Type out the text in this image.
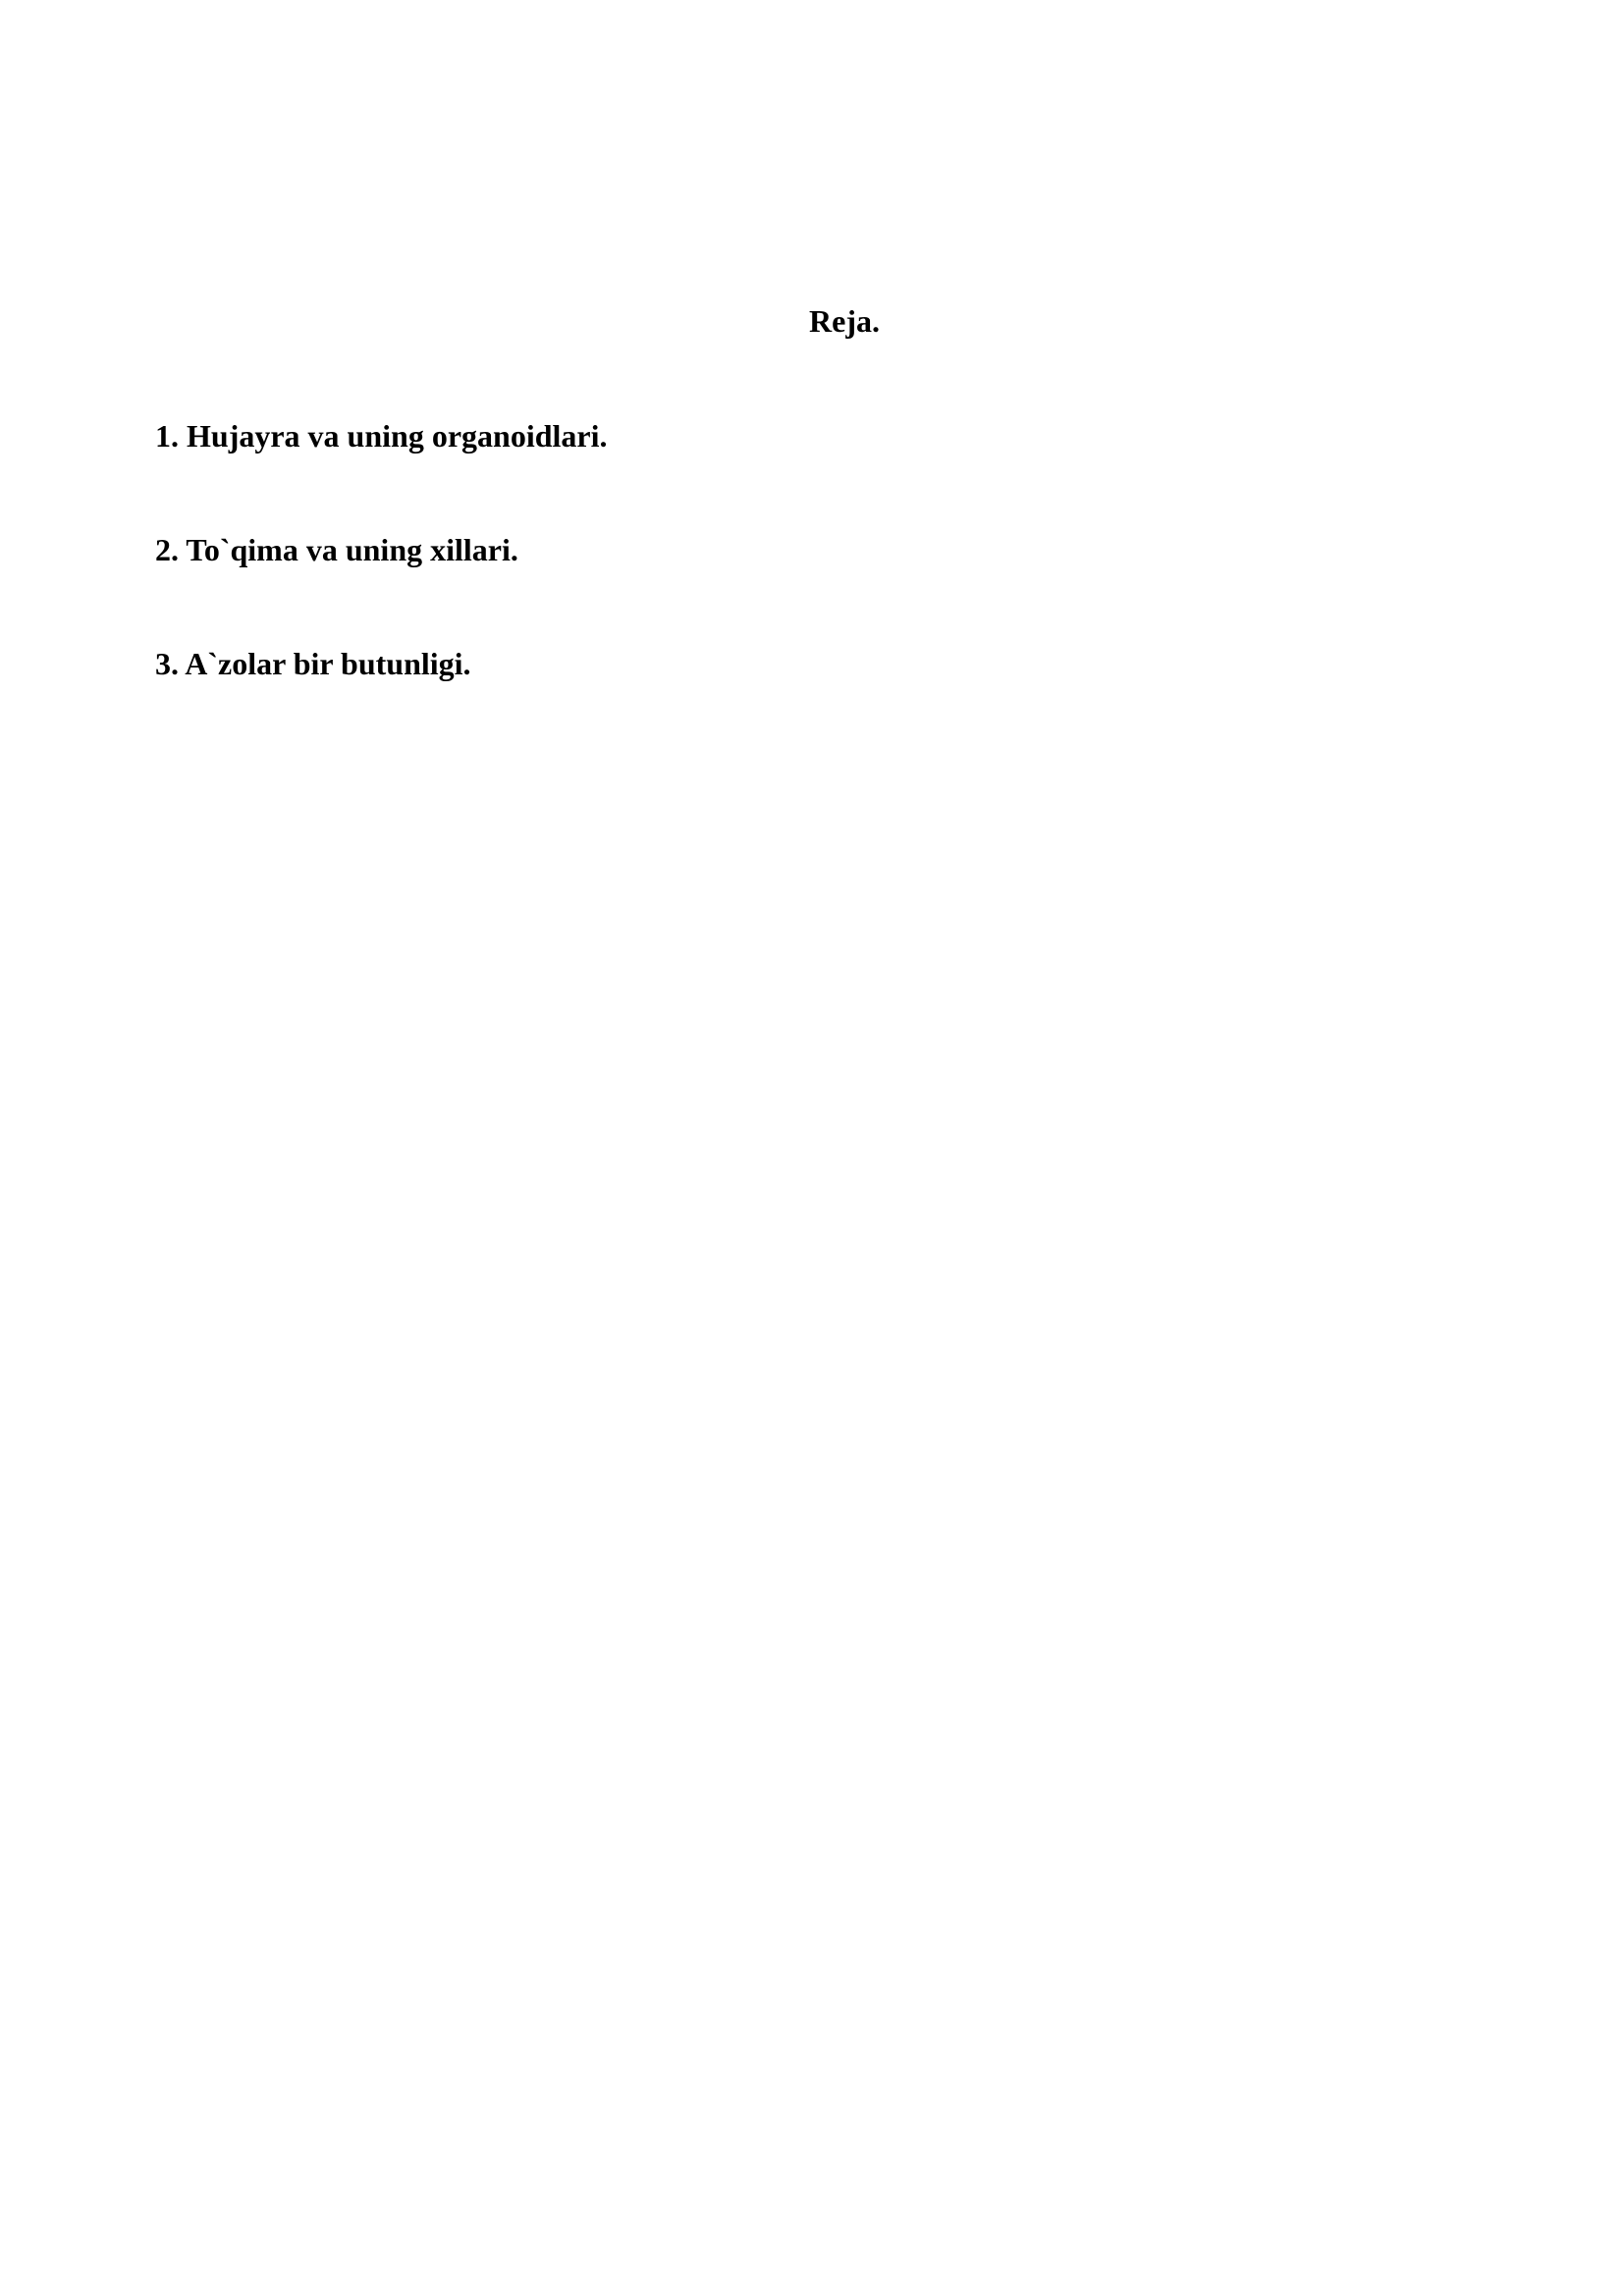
Reja.
1. Hujayra va uning organoidlari.
2. To`qima va uning xillari.
3. A`zolar bir butunligi.
